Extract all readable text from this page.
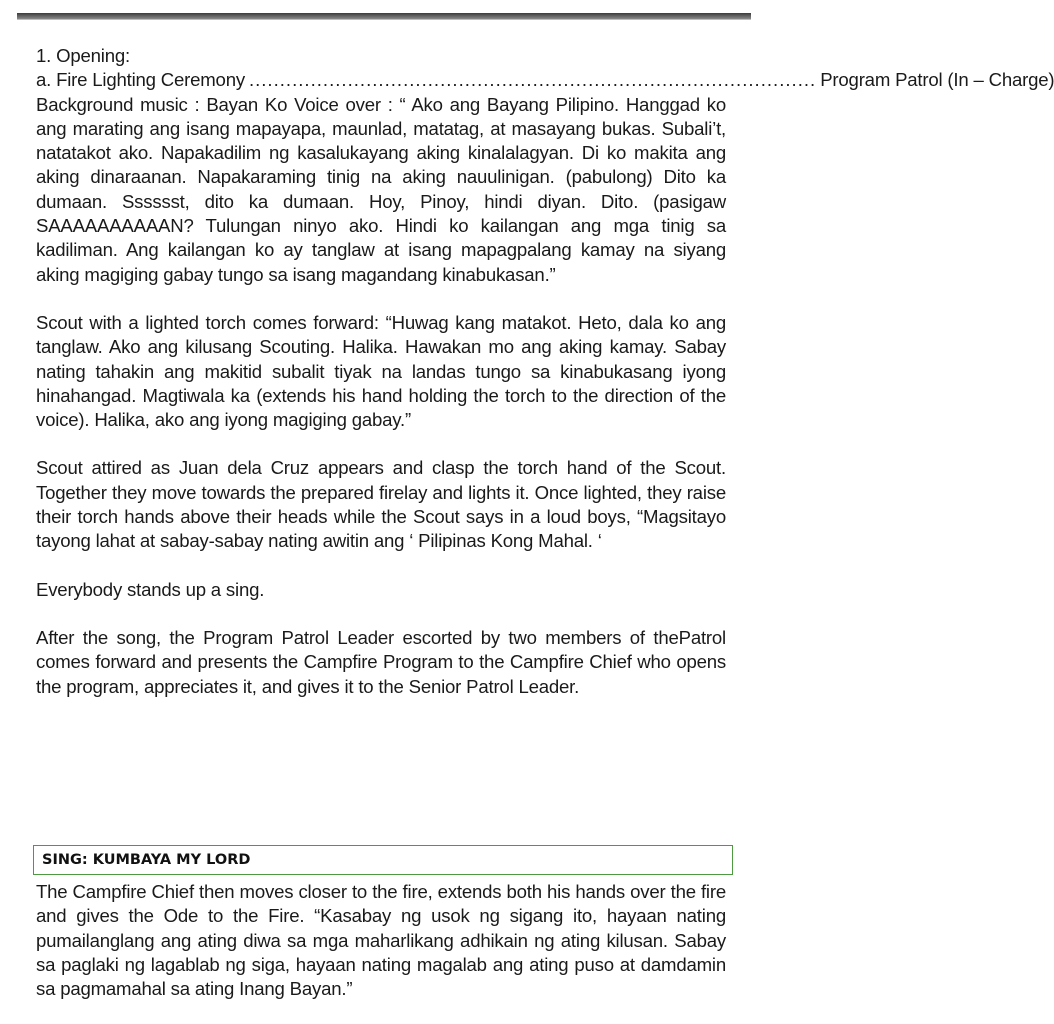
1. Opening:

a. Fire Lighting Ceremony ............................................................................................ Program Patrol (In – Charge)

Background music : Bayan Ko Voice over : “ Ako ang Bayang Pilipino. Hanggad ko ang marating ang isang mapayapa, maunlad, matatag, at masayang bukas. Subali’t, natatakot ako. Napakadilim ng kasalukayang aking kinalalagyan. Di ko makita ang aking dinaraanan. Napakaraming tinig na aking nauulinigan. (pabulong) Dito ka dumaan. Sssssst, dito ka dumaan. Hoy, Pinoy, hindi diyan. Dito. (pasigaw SAAAAAAAAAAN? Tulungan ninyo ako. Hindi ko kailangan ang mga tinig sa kadiliman. Ang kailangan ko ay tanglaw at isang mapagpalang kamay na siyang aking magiging gabay tungo sa isang magandang kinabukasan.”

Scout with a lighted torch comes forward: “Huwag kang matakot. Heto, dala ko ang tanglaw. Ako ang kilusang Scouting. Halika. Hawakan mo ang aking kamay. Sabay nating tahakin ang makitid subalit tiyak na landas tungo sa kinabukasang iyong hinahangad. Magtiwala ka (extends his hand holding the torch to the direction of the voice). Halika, ako ang iyong magiging gabay.”

Scout attired as Juan dela Cruz appears and clasp the torch hand of the Scout. Together they move towards the prepared firelay and lights it. Once lighted, they raise their torch hands above their heads while the Scout says in a loud boys, “Magsitayo tayong lahat at sabay-sabay nating awitin ang ‘ Pilipinas Kong Mahal. ‘

Everybody stands up a sing.

After the song, the Program Patrol Leader escorted by two members of thePatrol comes forward and presents the Campfire Program to the Campfire Chief who opens the program, appreciates it, and gives it to the Senior Patrol Leader.

SING: KUMBAYA MY LORD

The Campfire Chief then moves closer to the fire, extends both his hands over the fire and gives the Ode to the Fire. “Kasabay ng usok ng sigang ito, hayaan nating pumailanglang ang ating diwa sa mga maharlikang adhikain ng ating kilusan. Sabay sa paglaki ng lagablab ng siga, hayaan nating magalab ang ating puso at damdamin sa pagmamahal sa ating Inang Bayan.”
